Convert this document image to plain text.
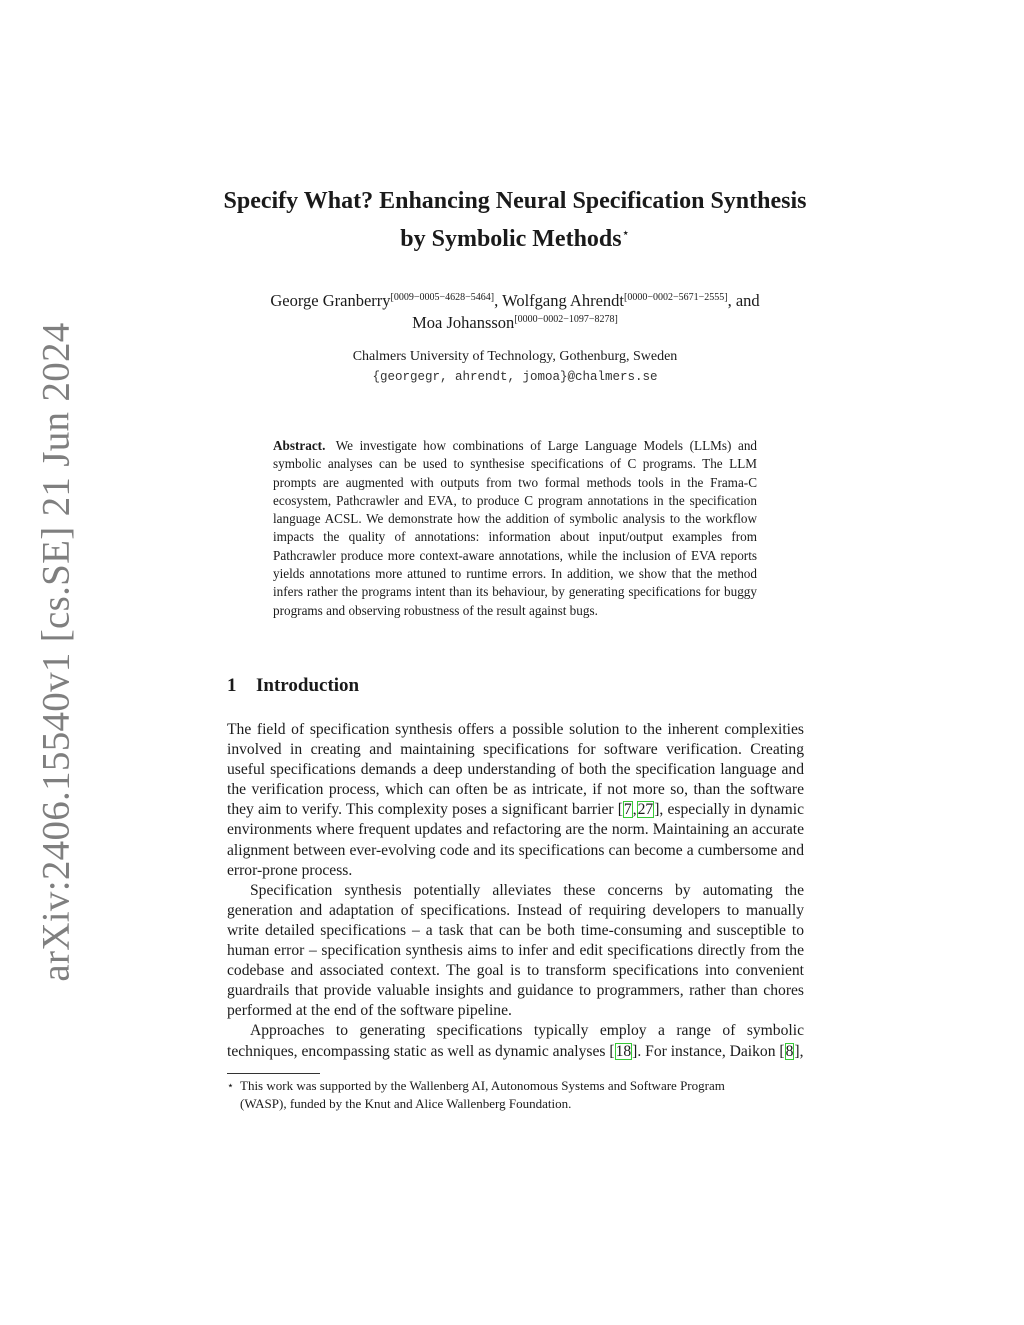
arXiv:2406.15540v1 [cs.SE] 21 Jun 2024
Specify What? Enhancing Neural Specification Synthesis
by Symbolic Methods⋆
George Granberry[0009−0005−4628−5464], Wolfgang Ahrendt[0000−0002−5671−2555], and
Moa Johansson[0000−0002−1097−8278]
Chalmers University of Technology, Gothenburg, Sweden
{georgegr, ahrendt, jomoa}@chalmers.se
Abstract. We investigate how combinations of Large Language Models (LLMs) and symbolic analyses can be used to synthesise specifications of C programs. The LLM prompts are augmented with outputs from two formal methods tools in the Frama-C ecosystem, Pathcrawler and EVA, to produce C program annotations in the specification language ACSL. We demonstrate how the addition of symbolic analysis to the workflow impacts the quality of annotations: information about input/output examples from Pathcrawler produce more context-aware annotations, while the inclusion of EVA reports yields annotations more attuned to runtime errors. In addition, we show that the method infers rather the programs intent than its behaviour, by generating specifications for buggy programs and observing robustness of the result against bugs.
1 Introduction

The field of specification synthesis offers a possible solution to the inherent complexities involved in creating and maintaining specifications for software verification. Creating useful specifications demands a deep understanding of both the specification language and the verification process, which can often be as intricate, if not more so, than the software they aim to verify. This complexity poses a significant barrier [7,27], especially in dynamic environments where frequent updates and refactoring are the norm. Maintaining an accurate alignment between ever-evolving code and its specifications can become a cumbersome and error-prone process.

Specification synthesis potentially alleviates these concerns by automating the generation and adaptation of specifications. Instead of requiring developers to manually write detailed specifications – a task that can be both time-consuming and susceptible to human error – specification synthesis aims to infer and edit specifications directly from the codebase and associated context. The goal is to transform specifications into convenient guardrails that provide valuable insights and guidance to programmers, rather than chores performed at the end of the software pipeline.

Approaches to generating specifications typically employ a range of symbolic techniques, encompassing static as well as dynamic analyses [18]. For instance, Daikon [8],

⋆ This work was supported by the Wallenberg AI, Autonomous Systems and Software Program
(WASP), funded by the Knut and Alice Wallenberg Foundation.
